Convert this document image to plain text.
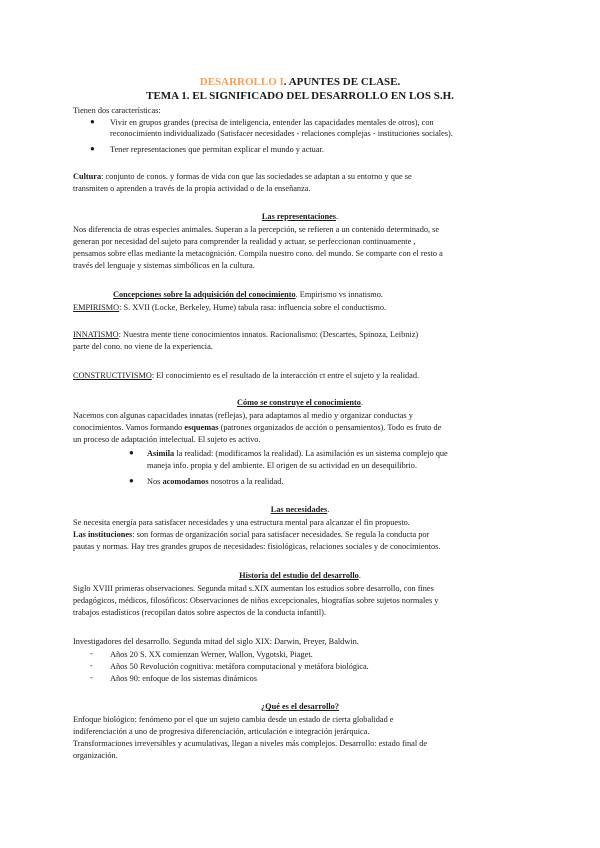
DESARROLLO I. APUNTES DE CLASE.
TEMA 1. EL SIGNIFICADO DEL DESARROLLO EN LOS S.H.
Tienen dos características:
● Vivir en grupos grandes (precisa de inteligencia, entender las capacidades mentales de otros), con
reconocimiento individualizado (Satisfacer necesidades - relaciones complejas - instituciones sociales).
● Tener representaciones que permitan explicar el mundo y actuar.
Cultura: conjunto de conos. y formas de vida con que las sociedades se adaptan a su entorno y que se
transmiten o aprenden a través de la propia actividad o de la enseñanza.
Las representaciones.
Nos diferencia de otras especies animales. Superan a la percepción, se refieren a un contenido determinado, se
generan por necesidad del sujeto para comprender la realidad y actuar, se perfeccionan continuamente ,
pensamos sobre ellas mediante la metacognición. Compila nuestro cono. del mundo. Se comparte con el resto a
través del lenguaje y sistemas simbólicos en la cultura.
Concepciones sobre la adquisición del conocimiento. Empirismo vs innatismo.
EMPIRISMO: S. XVII (Locke, Berkeley, Hume) tabula rasa: influencia sobre el conductismo.
INNATISMO: Nuestra mente tiene conocimientos innatos. Racionalismo: (Descartes, Spinoza, Leibniz)
parte del cono. no viene de la experiencia.
CONSTRUCTIVISMO: El conocimiento es el resultado de la interacción ct entre el sujeto y la realidad.
Cómo se construye el conocimiento.
Nacemos con algunas capacidades innatas (reflejas), para adaptamos al medio y organizar conductas y
conocimientos. Vamos formando esquemas (patrones organizados de acción o pensamientos). Todo es fruto de
un proceso de adaptación intelectual. El sujeto es activo.
● Asimila la realidad: (modificamos la realidad). La asimilación es un sistema complejo que
maneja info. propia y del ambiente. El origen de su actividad en un desequilibrio.
● Nos acomodamos nosotros a la realidad.
Las necesidades.
Se necesita energía para satisfacer necesidades y una estructura mental para alcanzar el fin propuesto.
Las instituciones: son formas de organización social para satisfacer necesidades. Se regula la conducta por
pautas y normas. Hay tres grandes grupos de necesidades: fisiológicas, relaciones sociales y de conocimientos.
Historia del estudio del desarrollo.
Siglo XVIII primeras observaciones. Segunda mitad s.XIX aumentan los estudios sobre desarrollo, con fines
pedagógicos, médicos, filosóficos: Observaciones de niños excepcionales, biografías sobre sujetos normales y
trabajos estadísticos (recopilan datos sobre aspectos de la conducta infantil).
Investigadores del desarrollo. Segunda mitad del siglo XIX: Darwin, Preyer, Baldwin.
- Años 20 S. XX comienzan Werner, Wallon, Vygotski, Piaget.
- Años 50 Revolución cognitiva: metáfora computacional y metáfora biológica.
- Años 90: enfoque de los sistemas dinámicos
¿Qué es el desarrollo?
Enfoque biológico: fenómeno por el que un sujeto cambia desde un estado de cierta globalidad e
indiferenciación a uno de progresiva diferenciación, articulación e integración jerárquica.
Transformaciones irreversibles y acumulativas, llegan a niveles más complejos. Desarrollo: estado final de
organización.
